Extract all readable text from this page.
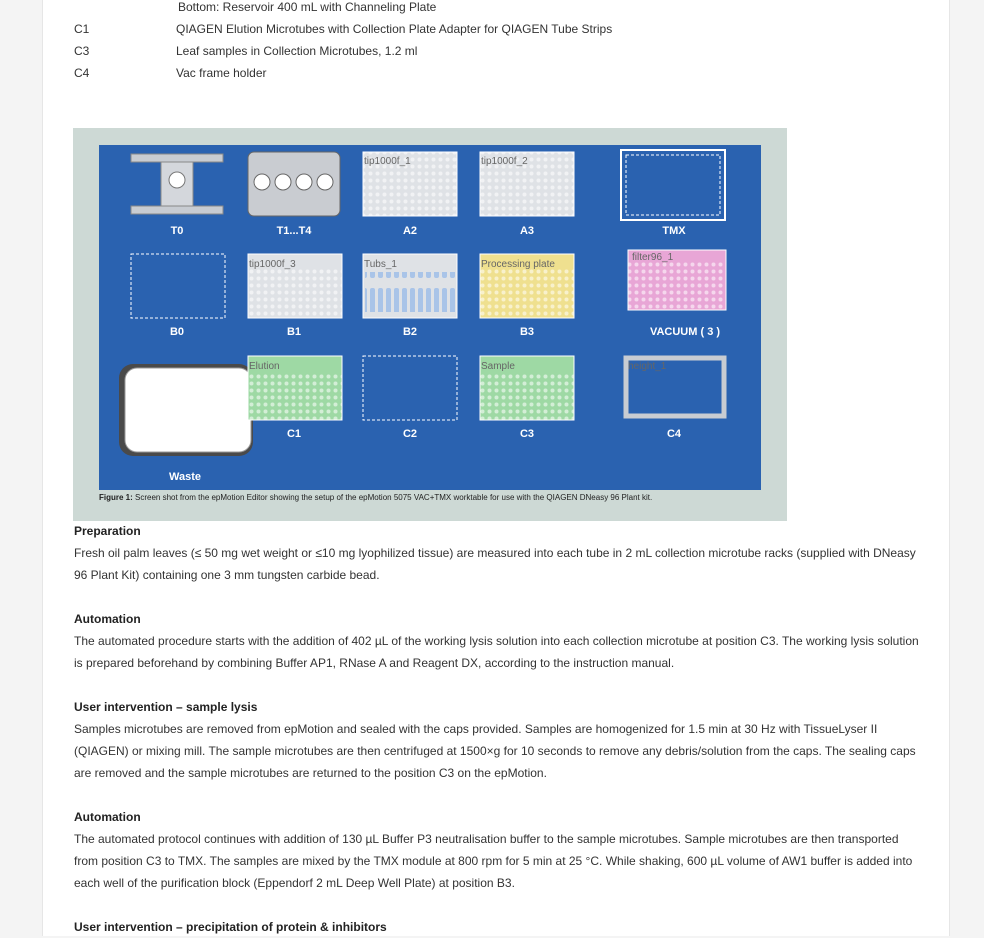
Bottom: Reservoir 400 mL with Channeling Plate
C1	QIAGEN Elution Microtubes with Collection Plate Adapter for QIAGEN Tube Strips
C3	Leaf samples in Collection Microtubes, 1.2 ml
C4	Vac frame holder
tip1000f_1	tip1000f_2
tip1000f_3	Tubs_1	Processing plate
filter96_1
Elution	Sample	height_1
T0	T1...T4	A2	A3	TMX
B0	B1	B2	B3	VACUUM ( 3 )
C1	C2	C3	C4
Waste
Figure 1: Screen shot from the epMotion Editor showing the setup of the epMotion 5075 VAC+TMX worktable for use with the QIAGEN DNeasy 96 Plant kit.
Preparation
Fresh oil palm leaves (≤ 50 mg wet weight or ≤10 mg lyophilized tissue) are measured into each tube in 2 mL collection microtube racks (supplied with DNeasy 96 Plant Kit) containing one 3 mm tungsten carbide bead.
Automation
The automated procedure starts with the addition of 402 µL of the working lysis solution into each collection microtube at position C3. The working lysis solution is prepared beforehand by combining Buffer AP1, RNase A and Reagent DX, according to the instruction manual.
User intervention – sample lysis
Samples microtubes are removed from epMotion and sealed with the caps provided. Samples are homogenized for 1.5 min at 30 Hz with TissueLyser II (QIAGEN) or mixing mill. The sample microtubes are then centrifuged at 1500×g for 10 seconds to remove any debris/solution from the caps. The sealing caps are removed and the sample microtubes are returned to the position C3 on the epMotion.
Automation
The automated protocol continues with addition of 130 µL Buffer P3 neutralisation buffer to the sample microtubes. Sample microtubes are then transported from position C3 to TMX. The samples are mixed by the TMX module at 800 rpm for 5 min at 25 °C. While shaking, 600 µL volume of AW1 buffer is added into each well of the purification block (Eppendorf 2 mL Deep Well Plate) at position B3.
User intervention – precipitation of protein & inhibitors
